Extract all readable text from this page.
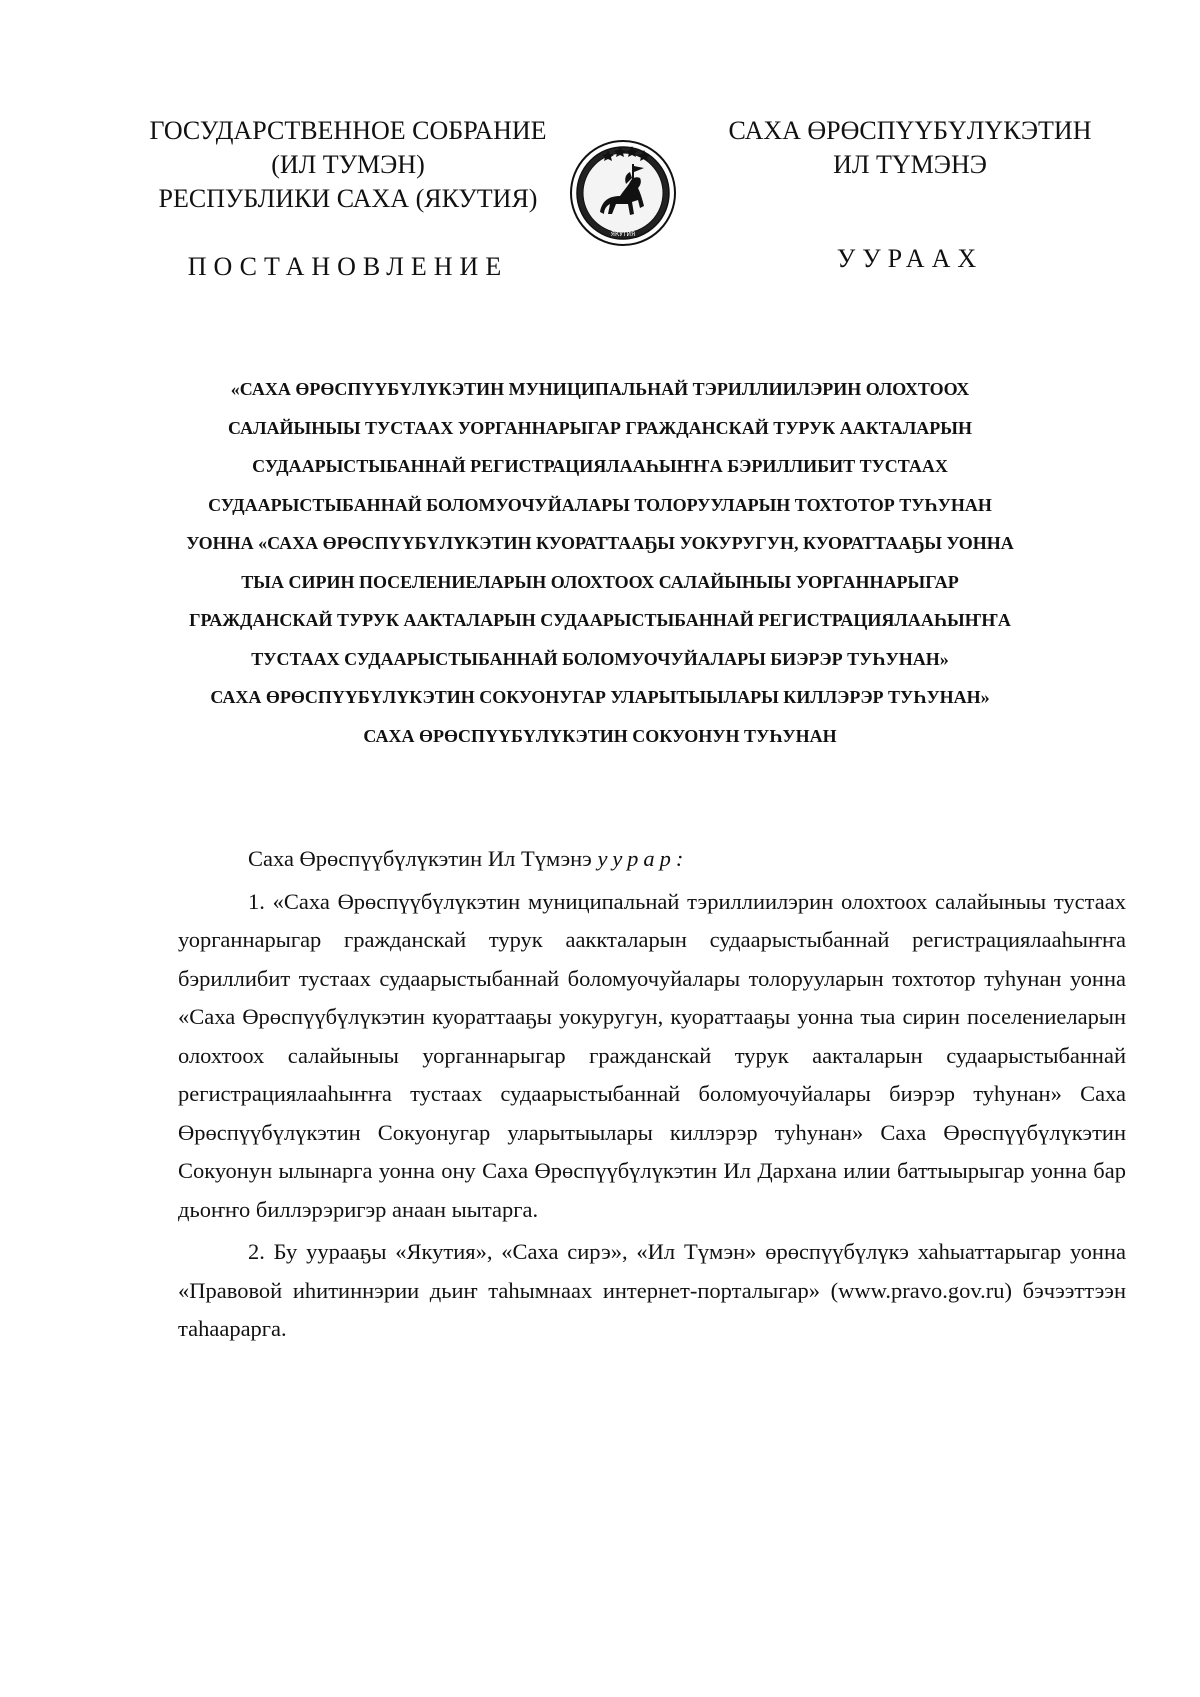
ГОСУДАРСТВЕННОЕ СОБРАНИЕ
(ИЛ ТУМЭН)
РЕСПУБЛИКИ САХА (ЯКУТИЯ)
ЯКУТИЯ
САХА ӨРӨСПҮҮБҮЛҮКЭТИН
ИЛ ТҮМЭНЭ
ПОСТАНОВЛЕНИЕ	УУРААХ
«САХА ӨРӨСПҮҮБҮЛҮКЭТИН МУНИЦИПАЛЬНАЙ ТЭРИЛЛИИЛЭРИН ОЛОХТООХ
САЛАЙЫНЫЫ ТУСТААХ УОРГАННАРЫГАР ГРАЖДАНСКАЙ ТУРУК ААКТАЛАРЫН
СУДААРЫСТЫБАННАЙ РЕГИСТРАЦИЯЛААҺЫҤҤА БЭРИЛЛИБИТ ТУСТААХ
СУДААРЫСТЫБАННАЙ БОЛОМУОЧУЙАЛАРЫ ТОЛОРУУЛАРЫН ТОХТОТОР ТУҺУНАН
УОННА «САХА ӨРӨСПҮҮБҮЛҮКЭТИН КУОРАТТААҔЫ УОКУРУГУН, КУОРАТТААҔЫ УОННА
ТЫА СИРИН ПОСЕЛЕНИЕЛАРЫН ОЛОХТООХ САЛАЙЫНЫЫ УОРГАННАРЫГАР
ГРАЖДАНСКАЙ ТУРУК ААКТАЛАРЫН СУДААРЫСТЫБАННАЙ РЕГИСТРАЦИЯЛААҺЫҤҤА
ТУСТААХ СУДААРЫСТЫБАННАЙ БОЛОМУОЧУЙАЛАРЫ БИЭРЭР ТУҺУНАН»
САХА ӨРӨСПҮҮБҮЛҮКЭТИН СОКУОНУГАР УЛАРЫТЫЫЛАРЫ КИЛЛЭРЭР ТУҺУНАН»
САХА ӨРӨСПҮҮБҮЛҮКЭТИН СОКУОНУН ТУҺУНАН

Саха Өрөспүүбүлүкэтин Ил Түмэнэ уурар:

1. «Саха Өрөспүүбүлүкэтин муниципальнай тэриллиилэрин олохтоох салайыныы тустаах уорганнарыгар гражданскай турук ааккталарын судаарыстыбаннай регистрациялааһыҥҥа бэриллибит тустаах судаарыстыбаннай боломуочуйалары толорууларын тохтотор туһунан уонна «Саха Өрөспүүбүлүкэтин куораттааҕы уокуругун, куораттааҕы уонна тыа сирин поселениеларын олохтоох салайыныы уорганнарыгар гражданскай турук аакталарын судаарыстыбаннай регистрациялааһыҥҥа тустаах судаарыстыбаннай боломуочуйалары биэрэр туһунан» Саха Өрөспүүбүлүкэтин Сокуонугар уларытыылары киллэрэр туһунан» Саха Өрөспүүбүлүкэтин Сокуонун ылынарга уонна ону Саха Өрөспүүбүлүкэтин Ил Дархана илии баттыырыгар уонна бар дьоҥҥо биллэрэригэр анаан ыытарга.

2. Бу уурааҕы «Якутия», «Саха сирэ», «Ил Түмэн» өрөспүүбүлүкэ хаһыаттарыгар уонна «Правовой иһитиннэрии дьиҥ таһымнаах интернет-порталыгар» (www.pravo.gov.ru) бэчээттээн таһаарарга.
